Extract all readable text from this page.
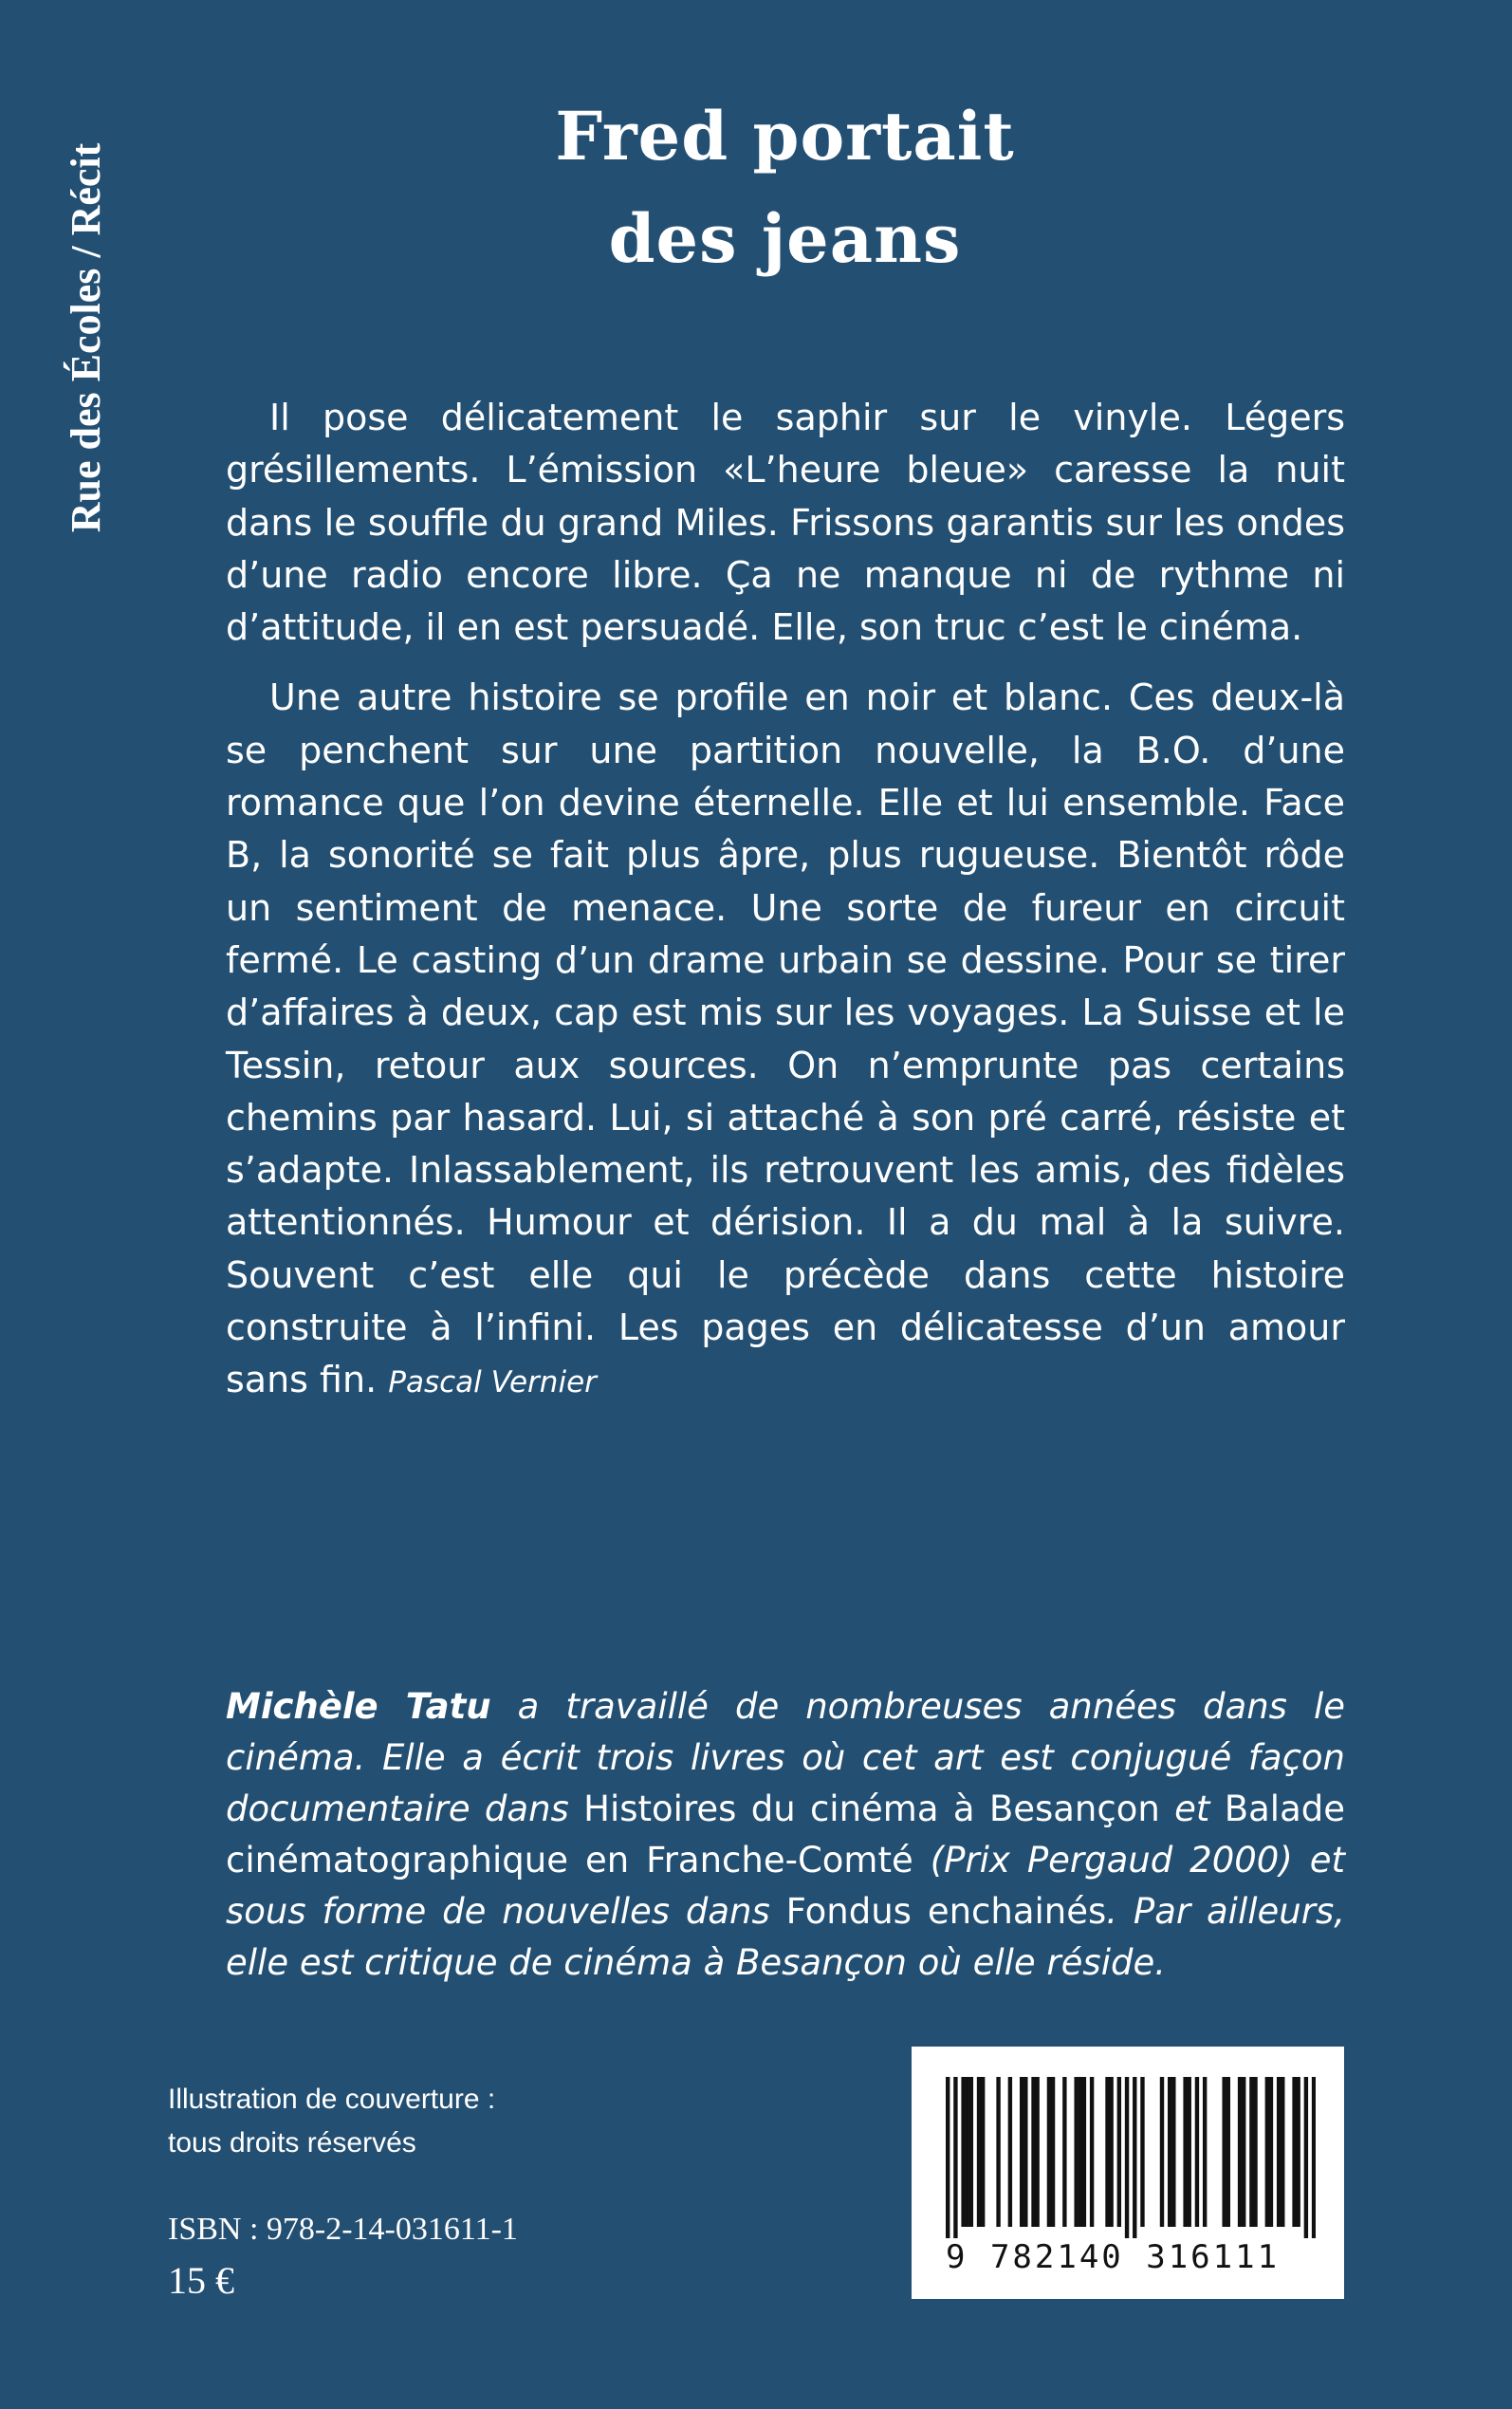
Rue des Écoles / Récit
Fred portait
des jeans

Il pose délicatement le saphir sur le vinyle. Légers grésillements. L’émission «L’heure bleue» caresse la nuit dans le souffle du grand Miles. Frissons garantis sur les ondes d’une radio encore libre. Ça ne manque ni de rythme ni d’attitude, il en est persuadé. Elle, son truc c’est le cinéma.

Une autre histoire se profile en noir et blanc. Ces deux-là se penchent sur une partition nouvelle, la B.O. d’une romance que l’on devine éternelle. Elle et lui ensemble. Face B, la sonorité se fait plus âpre, plus rugueuse. Bientôt rôde un sentiment de menace. Une sorte de fureur en circuit fermé. Le casting d’un drame urbain se dessine. Pour se tirer d’affaires à deux, cap est mis sur les voyages. La Suisse et le Tessin, retour aux sources. On n’emprunte pas certains chemins par hasard. Lui, si attaché à son pré carré, résiste et s’adapte. Inlassablement, ils retrouvent les amis, des fidèles attentionnés. Humour et dérision. Il a du mal à la suivre. Souvent c’est elle qui le précède dans cette histoire construite à l’infini. Les pages en délicatesse d’un amour sans fin. Pascal Vernier

Michèle Tatu a travaillé de nombreuses années dans le cinéma. Elle a écrit trois livres où cet art est conjugué façon documentaire dans Histoires du cinéma à Besançon et Balade cinématographique en Franche-Comté (Prix Pergaud 2000) et sous forme de nouvelles dans Fondus enchainés. Par ailleurs, elle est critique de cinéma à Besançon où elle réside.

Illustration de couverture :
tous droits réservés
ISBN : 978-2-14-031611-1
15 €
9 782140 316111
